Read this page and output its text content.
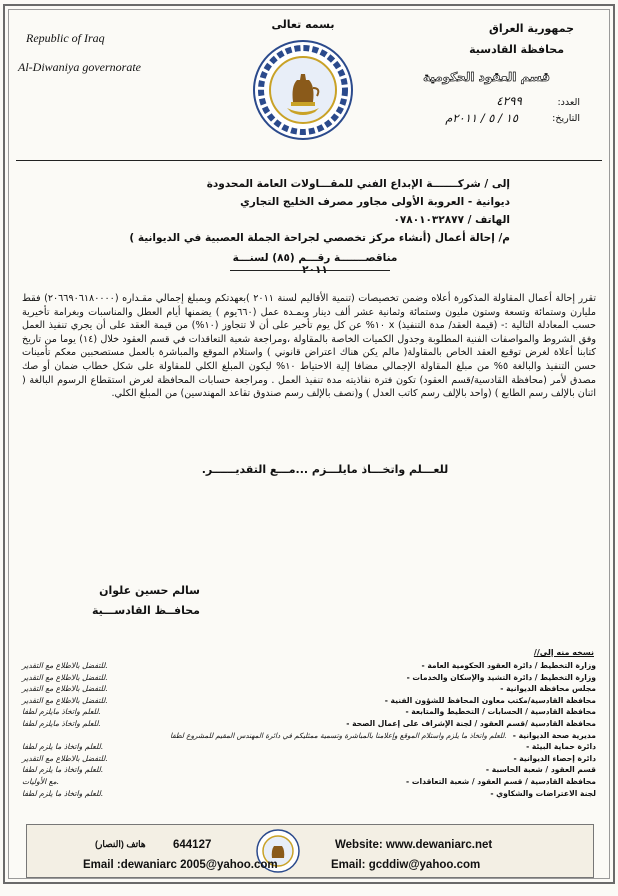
Republic of Iraq
Al-Diwaniya governorate
بسمه تعالى	جمهورية العراق
محافظة القادسية
قسم العقود الحكومية
العدد:
٤٢٩٩
التاريخ:
١٥ / ٥ / ٢٠١١م
إلى / شركـــــــة الإبداع الفني للمقـــاولات العامة المحدودة
ديوانية - العروبة الأولى مجاور مصرف الخليج التجاري
الهاتف / ٠٧٨٠١٠٣٢٨٧٧
م/ إحالة أعمال (أنشاء مركز تخصصي لجراحة الجملة العصبية في الديوانية )
مناقصـــــــة رقـــم (٨٥) لسنـــة ٢٠١١
تقرر إحالة أعمال المقاولة المذكورة أعلاه وضمن تخصيصات (تنمية الأقاليم لسنة ٢٠١١ )بعهدتكم وبمبلغ إجمالي مقـداره (٢٠٦٦٩٠٦١٨٠٠٠٠) فقط مليارن وستمائة وتسعة وستون مليون وستمائة وثمانية عشر ألف دينار وبمـدة عمل (٦٦٠يوم ) يضمنها أيام العطل والمناسبات وبغرامة تأخيرية حسب المعادلة التالية :- (قيمة العقد/ مدة التنفيذ) x ١٠% عن كل يوم تأخير على أن لا تتجاوز (١٠%) من قيمة العقد على أن يجري تنفيذ العمل وفق الشروط والمواصفات الفنية المطلوبة وجدول الكميات الخاصة بالمقاولة ،ومراجعة شعبة التعاقدات في قسم العقود خلال (١٤) يوما من تاريخ كتابنا أعلاة لغرض توقيع العقد الخاص بالمقاولة( مالم يكن هناك اعتراض قانوني ) واستلام الموقع والمباشرة بالعمل مستصحبين معكم تأمينات حسن التنفيذ والبالغة ٥% من مبلغ المقاولة الإجمالي مضافا إلية الاحتياط ١٠% ليكون المبلغ الكلي للمقاولة على شكل خطاب ضمان أو صك مصدق لأمر (محافظة القادسية/قسم العقود) تكون فترة نفاذيته مدة تنفيذ العمل . ومراجعة حسابات المحافظة لغرض استقطاع الرسوم البالغة ( اثنان بالإلف رسم الطابع ) (واحد بالإلف رسم كاتب العدل ) و(نصف بالإلف رسم صندوق تقاعد المهندسين) من المبلغ الكلي.
للعـــلم واتخـــاذ مايلـــزم ...مـــع التقديــــــر.
سالم حسين علوان
محافــظ القادســـية
نسخه منه إلى//
- وزارة التخطيط / دائرة العقود الحكومية العامة
للتفضل بالاطلاع مع التقدير.
- وزارة التخطيط / دائرة التشيد والإسكان والخدمات
للتفضل بالاطلاع مع التقدير.
- مجلس محافظة الديوانية
للتفضل بالاطلاع مع التقدير.
- محافظة القادسية/مكتب معاون المحافظ للشؤون الفنية
للتفضل بالاطلاع مع التقدير.
- محافظة القادسية / الحسابات / التخطيط والمتابعة
للعلم واتخاذ مايلزم لطفا.
- محافظة القادسية /قسم العقود / لجنة الإشراف على إعمال الصحة
للعلم واتخاذ مايلزم لطفا.
- مديرية صحة الديوانية
للعلم واتخاذ ما يلزم واستلام الموقع وإعلامنا بالمباشرة وتسمية ممثليكم في دائرة المهندس المقيم للمشروع لطفا.
- دائرة حماية البيئة
للعلم واتخاذ ما يلزم لطفا.
- دائرة إحصاء الديوانية
للتفضل بالاطلاع مع التقدير.
- قسم العقود / شعبة الحاسبة
للعلم واتخاذ ما يلزم لطفا.
- محافظة القادسية / قسم العقود / شعبة التعاقدات
مع الأوليات.
- لجنة الاعتراضات والشكاوي
للعلم واتخاذ ما يلزم لطفا.
644127
هاتف (النصار)	Website: www.dewaniarc.net
Email :dewaniarc 2005@yahoo.com	Email: gcddiw@yahoo.com
